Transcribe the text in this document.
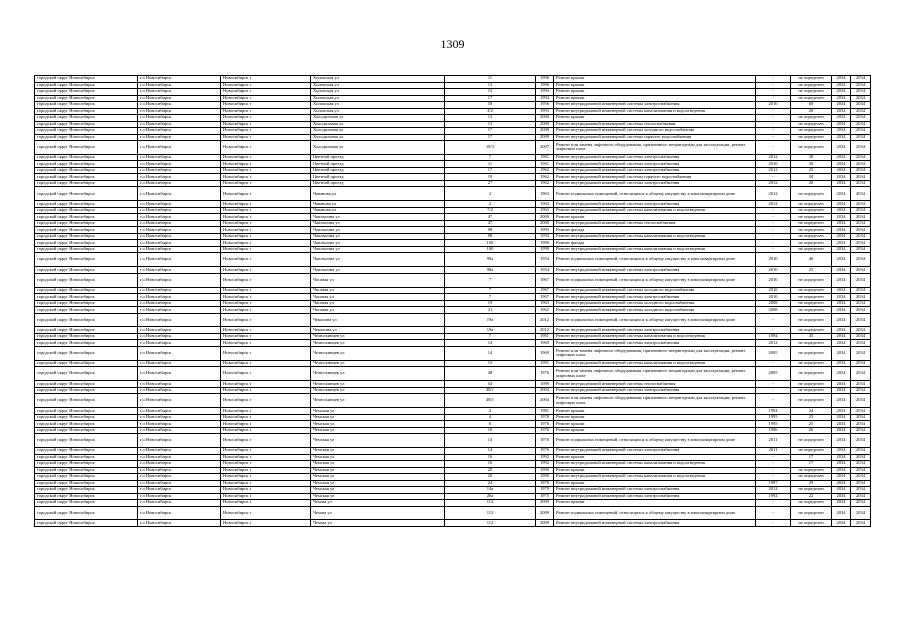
1309
городской округ Новосибирск	г.о.Новосибирск	Новосибирск г	Хилокская ул	11	1996	Ремонт крыши	-	не определен	2034	2034
городской округ Новосибирск	г.о.Новосибирск	Новосибирск г	Хилокская ул	13	1996	Ремонт крыши	-	не определен	2034	2034
городской округ Новосибирск	г.о.Новосибирск	Новосибирск г	Хилокская ул	15	1994	Ремонт крыши	-	не определен	2034	2034
городской округ Новосибирск	г.о.Новосибирск	Новосибирск г	Хилокская ул	17	1994	Ремонт крыши	-	не определен	2034	2034
городской округ Новосибирск	г.о.Новосибирск	Новосибирск г	Хилокская ул	18	1956	Ремонт внутридомовой инженерной системы электроснабжения	2010	60	2034	2034
городской округ Новосибирск	г.о.Новосибирск	Новосибирск г	Хилокская ул	3/2	1993	Ремонт внутридомовой инженерной системы канализования и водоотведения	-	20	2034	2034
городской округ Новосибирск	г.о.Новосибирск	Новосибирск г	Холодильная ул	13	2000	Ремонт крыши	-	не определен	2034	2034
городской округ Новосибирск	г.о.Новосибирск	Новосибирск г	Холодильная ул	13	2000	Ремонт внутридомовой инженерной системы теплоснабжения	-	не определен	2034	2034
городской округ Новосибирск	г.о.Новосибирск	Новосибирск г	Холодильная ул	17	2009	Ремонт внутридомовой инженерной системы холодного водоснабжения	-	не определен	2034	2034
городской округ Новосибирск	г.о.Новосибирск	Новосибирск г	Холодильная ул	17	2009	Ремонт внутридомовой инженерной системы горячего водоснабжения	-	не определен	2034	2034
городской округ Новосибирск	г.о.Новосибирск	Новосибирск г	Холодильная ул	18/3	2007	Ремонт или замена лифтового оборудования, признанного непригодным для эксплуатации, ремонт лифтовых шахт	-	не определен	2034	2034
городской округ Новосибирск	г.о.Новосибирск	Новосибирск г	Цветной проезд	7	1961	Ремонт внутридомовой инженерной системы электроснабжения	2012	30	2034	2034
городской округ Новосибирск	г.о.Новосибирск	Новосибирск г	Цветной проезд	11	1961	Ремонт внутридомовой инженерной системы электроснабжения	2010	30	2034	2034
городской округ Новосибирск	г.о.Новосибирск	Новосибирск г	Цветной проезд	17	1962	Ремонт внутридомовой инженерной системы электроснабжения	2012	25	2034	2034
городской округ Новосибирск	г.о.Новосибирск	Новосибирск г	Цветной проезд	19	1962	Ремонт внутридомовой инженерной системы горячего водоснабжения	-	30	2034	2034
городской округ Новосибирск	г.о.Новосибирск	Новосибирск г	Цветной проезд	27	1962	Ремонт внутридомовой инженерной системы электроснабжения	2012	20	2034	2034
городской округ Новосибирск	г.о.Новосибирск	Новосибирск г	Чаванова ул	2	1963	Ремонт подвальных помещений, относящихся к общему имуществу в многоквартирном доме	2012	не определен	2034	2034
городской округ Новосибирск	г.о.Новосибирск	Новосибирск г	Чаванова ул	2	1963	Ремонт внутридомовой инженерной системы электроснабжения	2012	не определен	2034	2034
городской округ Новосибирск	г.о.Новосибирск	Новосибирск г	Чаванова ул	7/2	1963	Ремонт внутридомовой инженерной системы канализования и водоотведения	-	не определен	2034	2034
городской округ Новосибирск	г.о.Новосибирск	Новосибирск г	Чаплыгина ул	47	2000	Ремонт крыши	-	не определен	2034	2034
городской округ Новосибирск	г.о.Новосибирск	Новосибирск г	Чаплыгина ул	47	2000	Ремонт внутридомовой инженерной системы теплоснабжения	-	не определен	2034	2034
городской округ Новосибирск	г.о.Новосибирск	Новосибирск г	Чаплыгина ул	98	1993	Ремонт фасада	-	не определен	2034	2034
городской округ Новосибирск	г.о.Новосибирск	Новосибирск г	Чаплыгина ул	98	1993	Ремонт внутридомовой инженерной системы канализования и водоотведения	-	не определен	2034	2034
городской округ Новосибирск	г.о.Новосибирск	Новосибирск г	Чаплыгина ул	100	1990	Ремонт фасада	-	не определен	2034	2034
городской округ Новосибирск	г.о.Новосибирск	Новосибирск г	Чаплыгина ул	100	1990	Ремонт внутридомовой инженерной системы канализования и водоотведения	-	не определен	2034	2034
городской округ Новосибирск	г.о.Новосибирск	Новосибирск г	Чаплыгина ул	98а	1954	Ремонт подвальных помещений, относящихся к общему имуществу в многоквартирном доме	2010	46	2034	2034
городской округ Новосибирск	г.о.Новосибирск	Новосибирск г	Чаплыгина ул	98а	1954	Ремонт внутридомовой инженерной системы электроснабжения	2010	25	2034	2034
городской округ Новосибирск	г.о.Новосибирск	Новосибирск г	Часовая ул	7	1967	Ремонт подвальных помещений, относящихся к общему имуществу в многоквартирном доме	2010	не определен	2034	2034
городской округ Новосибирск	г.о.Новосибирск	Новосибирск г	Часовая ул	7	1967	Ремонт внутридомовой инженерной системы холодного водоснабжения	2010	не определен	2034	2034
городской округ Новосибирск	г.о.Новосибирск	Новосибирск г	Часовая ул	7	1967	Ремонт внутридомовой инженерной системы электроснабжения	2010	не определен	2034	2034
городской округ Новосибирск	г.о.Новосибирск	Новосибирск г	Часовая ул	19	1963	Ремонт внутридомовой инженерной системы холодного водоснабжения	2008	не определен	2034	2034
городской округ Новосибирск	г.о.Новосибирск	Новосибирск г	Часовая ул	21	1962	Ремонт внутридомовой инженерной системы холодного водоснабжения	2008	не определен	2034	2034
городской округ Новосибирск	г.о.Новосибирск	Новосибирск г	Чекалина ул	19а	2012	Ремонт подвальных помещений, относящихся к общему имуществу в многоквартирном доме	-	не определен	2034	2034
городской округ Новосибирск	г.о.Новосибирск	Новосибирск г	Чекалина ул	19а	2012	Ремонт внутридомовой инженерной системы электроснабжения	-	не определен	2034	2034
городской округ Новосибирск	г.о.Новосибирск	Новосибирск г	Челюскинцев ул	7	1961	Ремонт внутридомовой инженерной системы канализования и водоотведения	1994	45	2034	2034
городской округ Новосибирск	г.о.Новосибирск	Новосибирск г	Челюскинцев ул	14	1969	Ремонт внутридомовой инженерной системы электроснабжения	2012	не определен	2034	2034
городской округ Новосибирск	г.о.Новосибирск	Новосибирск г	Челюскинцев ул	14	1969	Ремонт или замена лифтового оборудования, признанного непригодным для эксплуатации, ремонт лифтовых шахт	2005	не определен	2034	2034
городской округ Новосибирск	г.о.Новосибирск	Новосибирск г	Челюскинцев ул	15	1991	Ремонт внутридомовой инженерной системы канализования и водоотведения	-	не определен	2034	2034
городской округ Новосибирск	г.о.Новосибирск	Новосибирск г	Челюскинцев ул	48	1976	Ремонт или замена лифтового оборудования, признанного непригодным для эксплуатации, ремонт лифтовых шахт	2005	не определен	2034	2034
городской округ Новосибирск	г.о.Новосибирск	Новосибирск г	Челюскинцев ул	54	1989	Ремонт внутридомовой инженерной системы теплоснабжения	-	не определен	2034	2034
городской округ Новосибирск	г.о.Новосибирск	Новосибирск г	Челюскинцев ул	48/1	2004	Ремонт внутридомовой инженерной системы электроснабжения	-	не определен	2034	2034
городской округ Новосибирск	г.о.Новосибирск	Новосибирск г	Челюскинцев ул	48/1	2004	Ремонт или замена лифтового оборудования, признанного непригодным для эксплуатации, ремонт лифтовых шахт	-	не определен	2034	2034
городской округ Новосибирск	г.о.Новосибирск	Новосибирск г	Чемская ул	2	1981	Ремонт крыши	1994	24	2034	2034
городской округ Новосибирск	г.о.Новосибирск	Новосибирск г	Чемская ул	4	1978	Ремонт крыши	1995	25	2034	2034
городской округ Новосибирск	г.о.Новосибирск	Новосибирск г	Чемская ул	6	1976	Ремонт крыши	1995	25	2034	2034
городской округ Новосибирск	г.о.Новосибирск	Новосибирск г	Чемская ул	10	1976	Ремонт крыши	1996	26	2034	2034
городской округ Новосибирск	г.о.Новосибирск	Новосибирск г	Чемская ул	14	1976	Ремонт подвальных помещений, относящихся к общему имуществу в многоквартирном доме	2011	не определен	2034	2034
городской округ Новосибирск	г.о.Новосибирск	Новосибирск г	Чемская ул	14	1976	Ремонт внутридомовой инженерной системы электроснабжения	2011	не определен	2034	2034
городской округ Новосибирск	г.о.Новосибирск	Новосибирск г	Чемская ул	16	1992	Ремонт крыши	-	17	2034	2034
городской округ Новосибирск	г.о.Новосибирск	Новосибирск г	Чемская ул	16	1992	Ремонт внутридомовой инженерной системы канализования и водоотведения	-	17	2034	2034
городской округ Новосибирск	г.о.Новосибирск	Новосибирск г	Чемская ул	20	1990	Ремонт крыши	-	не определен	2034	2034
городской округ Новосибирск	г.о.Новосибирск	Новосибирск г	Чемская ул	20	1990	Ремонт внутридомовой инженерной системы канализования и водоотведения	-	не определен	2034	2034
городской округ Новосибирск	г.о.Новосибирск	Новосибирск г	Чемская ул	24	1978	Ремонт крыши	1997	29	2034	2034
городской округ Новосибирск	г.о.Новосибирск	Новосибирск г	Чемская ул	14а	1979	Ремонт внутридомовой инженерной системы электроснабжения	2012	не определен	2034	2034
городской округ Новосибирск	г.о.Новосибирск	Новосибирск г	Чемская ул	26а	1975	Ремонт внутридомовой инженерной системы электроснабжения	1992	22	2034	2034
городской округ Новосибирск	г.о.Новосибирск	Новосибирск г	Чехова ул	112	2009	Ремонт крыши	-	не определен	2034	2034
городской округ Новосибирск	г.о.Новосибирск	Новосибирск г	Чехова ул	112	2009	Ремонт подвальных помещений, относящихся к общему имуществу в многоквартирном доме	-	не определен	2034	2034
городской округ Новосибирск	г.о.Новосибирск	Новосибирск г	Чехова ул	112	2009	Ремонт внутридомовой инженерной системы электроснабжения	-	не определен	2034	2034
